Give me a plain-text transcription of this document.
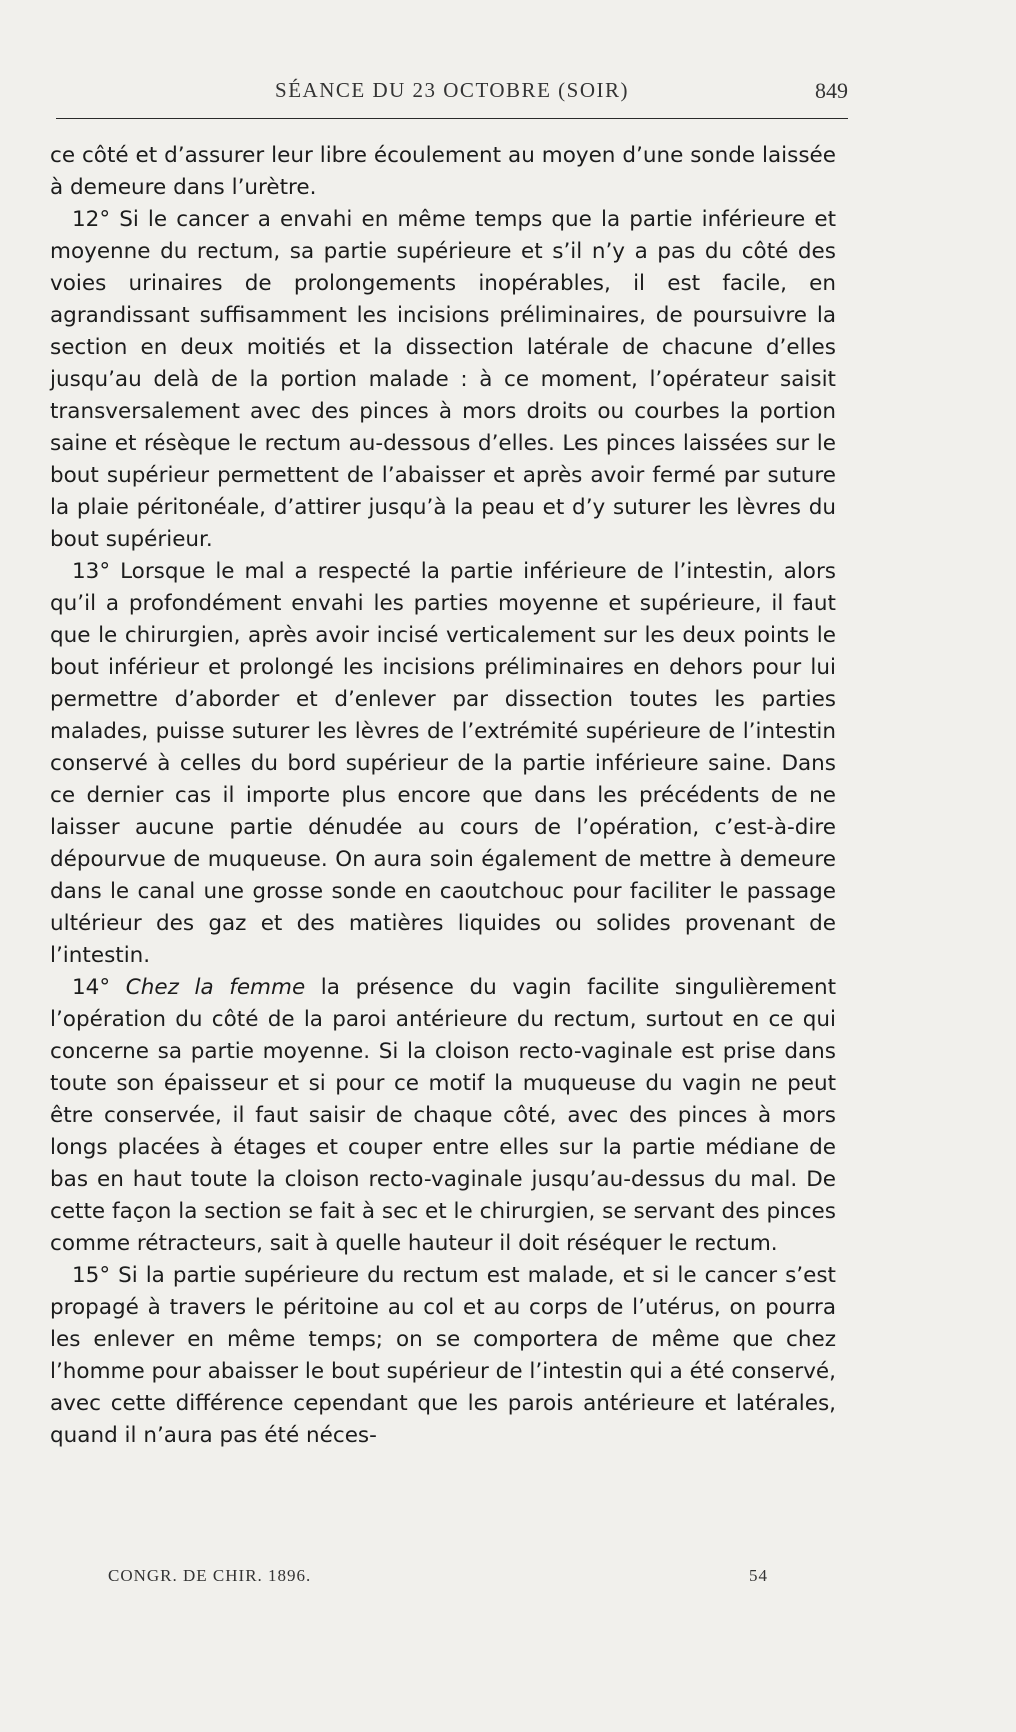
SÉANCE DU 23 OCTOBRE (SOIR)	849

ce côté et d’assurer leur libre écoulement au moyen d’une sonde laissée à demeure dans l’urètre.

12° Si le cancer a envahi en même temps que la partie inférieure et moyenne du rectum, sa partie supérieure et s’il n’y a pas du côté des voies urinaires de prolongements inopérables, il est facile, en agrandissant suffisamment les incisions préliminaires, de poursuivre la section en deux moitiés et la dissection latérale de chacune d’elles jusqu’au delà de la portion malade : à ce moment, l’opérateur saisit transversalement avec des pinces à mors droits ou courbes la portion saine et résèque le rectum au-dessous d’elles. Les pinces laissées sur le bout supérieur permettent de l’abaisser et après avoir fermé par suture la plaie péritonéale, d’attirer jusqu’à la peau et d’y suturer les lèvres du bout supérieur.

13° Lorsque le mal a respecté la partie inférieure de l’intestin, alors qu’il a profondément envahi les parties moyenne et supérieure, il faut que le chirurgien, après avoir incisé verticalement sur les deux points le bout inférieur et prolongé les incisions préliminaires en dehors pour lui permettre d’aborder et d’enlever par dissection toutes les parties malades, puisse suturer les lèvres de l’extrémité supérieure de l’intestin conservé à celles du bord supérieur de la partie inférieure saine. Dans ce dernier cas il importe plus encore que dans les précédents de ne laisser aucune partie dénudée au cours de l’opération, c’est-à-dire dépourvue de muqueuse. On aura soin également de mettre à demeure dans le canal une grosse sonde en caoutchouc pour faciliter le passage ultérieur des gaz et des matières liquides ou solides provenant de l’intestin.

14° Chez la femme la présence du vagin facilite singulièrement l’opération du côté de la paroi antérieure du rectum, surtout en ce qui concerne sa partie moyenne. Si la cloison recto-vaginale est prise dans toute son épaisseur et si pour ce motif la muqueuse du vagin ne peut être conservée, il faut saisir de chaque côté, avec des pinces à mors longs placées à étages et couper entre elles sur la partie médiane de bas en haut toute la cloison recto-vaginale jusqu’au-dessus du mal. De cette façon la section se fait à sec et le chirurgien, se servant des pinces comme rétracteurs, sait à quelle hauteur il doit réséquer le rectum.

15° Si la partie supérieure du rectum est malade, et si le cancer s’est propagé à travers le péritoine au col et au corps de l’utérus, on pourra les enlever en même temps; on se comportera de même que chez l’homme pour abaisser le bout supérieur de l’intestin qui a été conservé, avec cette différence cependant que les parois antérieure et latérales, quand il n’aura pas été néces-

CONGR. DE CHIR. 1896.	54
